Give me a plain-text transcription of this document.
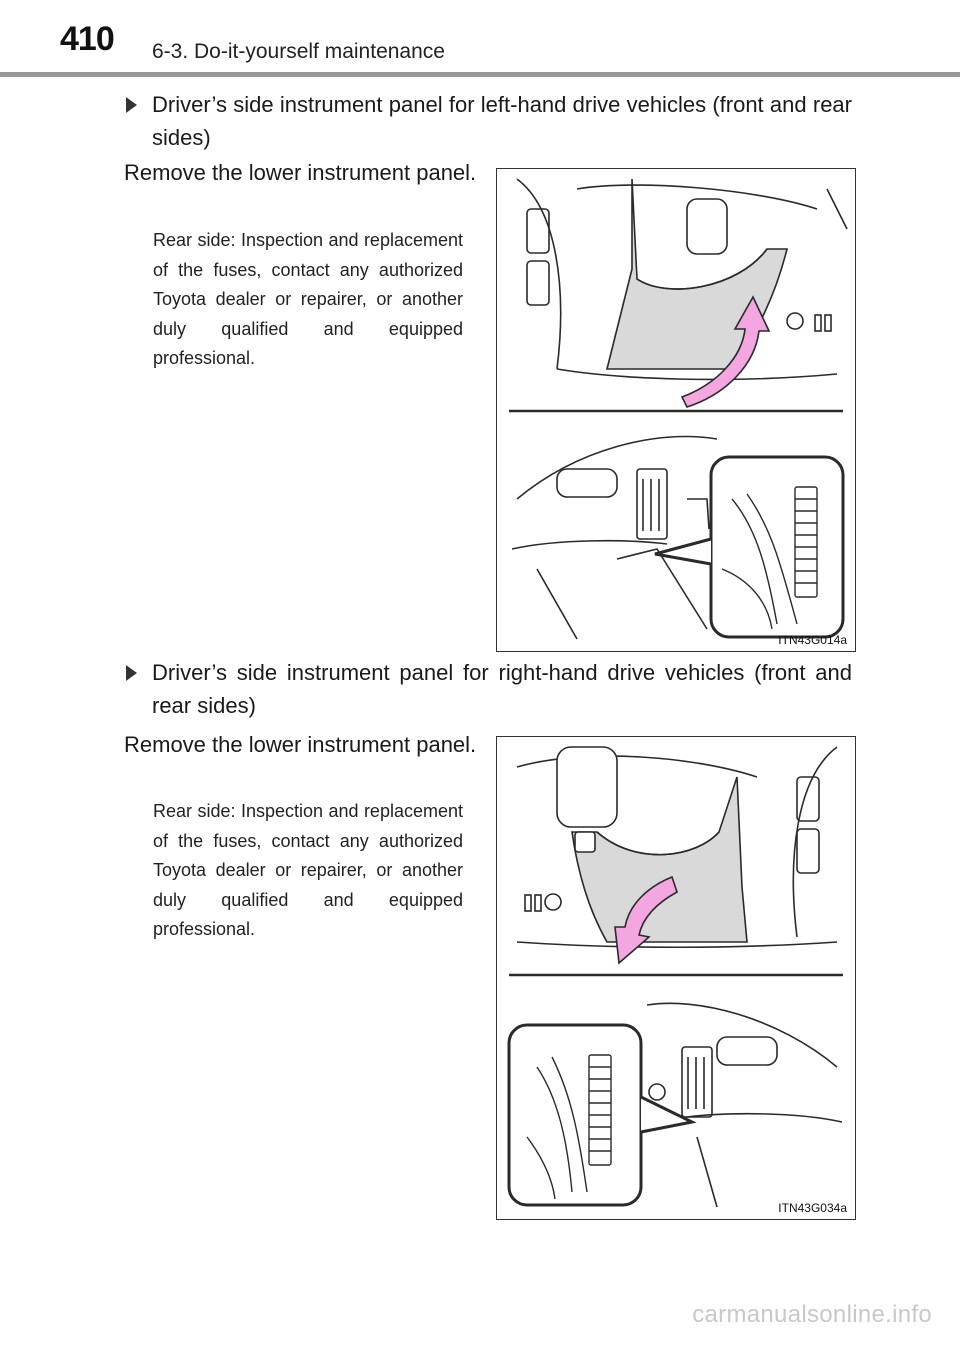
410 6-3. Do-it-yourself maintenance
Driver’s side instrument panel for left-hand drive vehicles (front and rear sides)
Remove the lower instrument panel.
Rear side: Inspection and replacement of the fuses, contact any authorized Toyota dealer or repairer, or another duly qualified and equipped professional.
ITN43G014a
Driver’s side instrument panel for right-hand drive vehicles (front and rear sides)
Remove the lower instrument panel.
Rear side: Inspection and replacement of the fuses, contact any authorized Toyota dealer or repairer, or another duly qualified and equipped professional.
ITN43G034a
carmanualsonline.info
